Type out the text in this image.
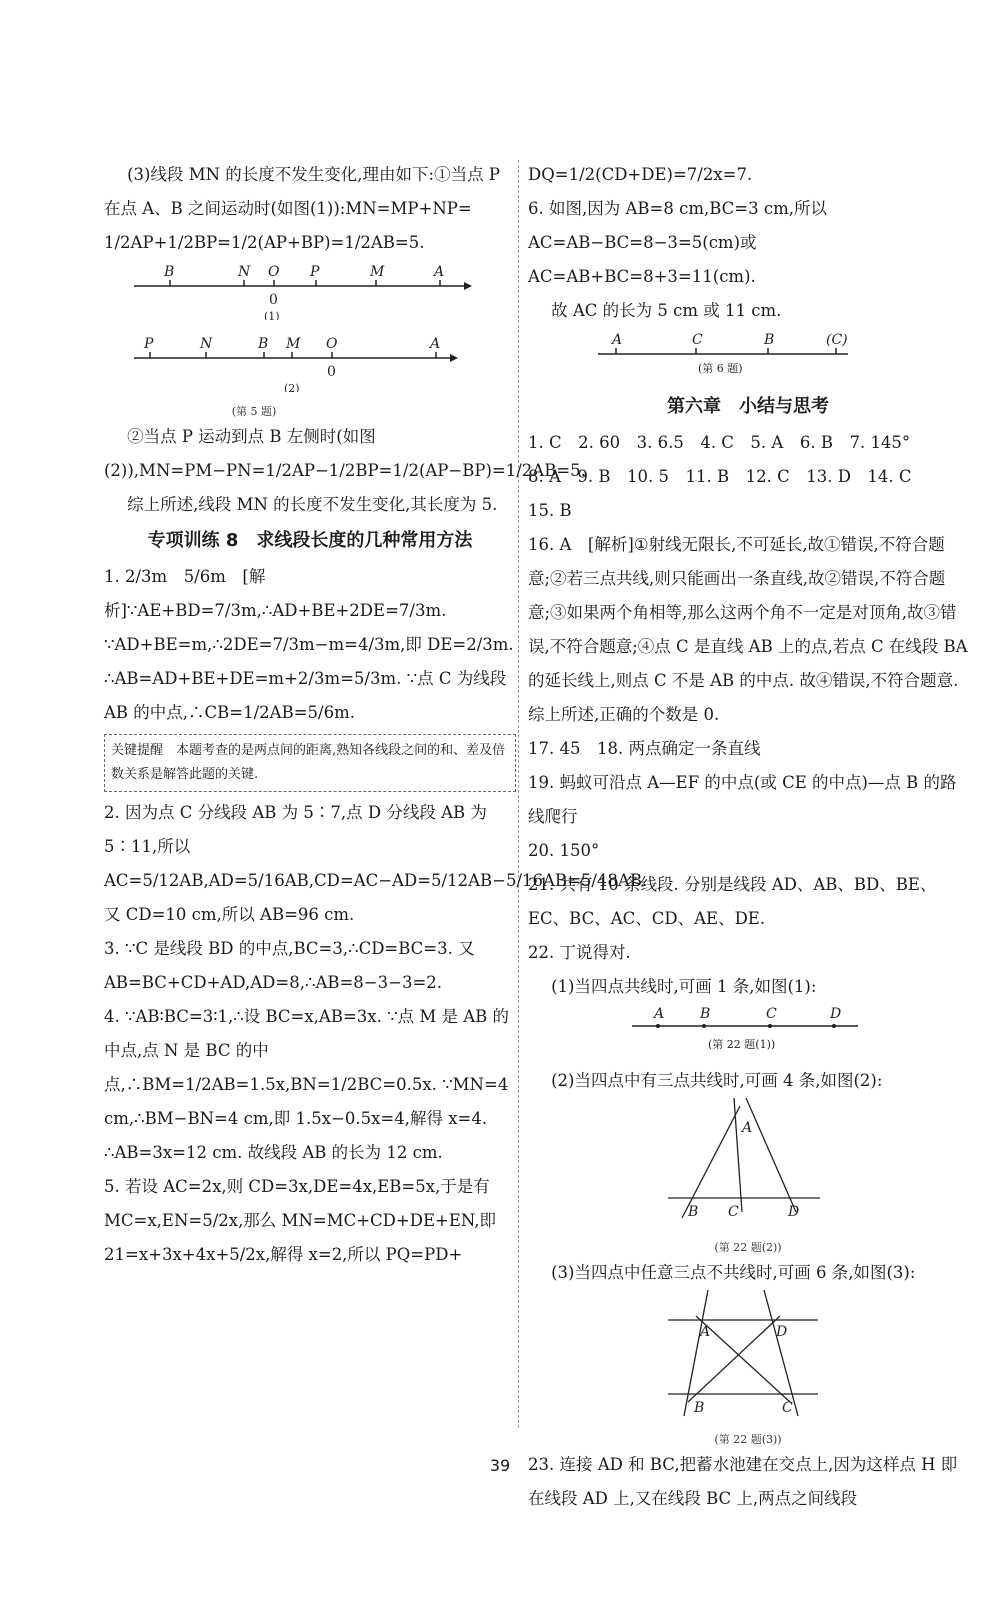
(3)线段 MN 的长度不发生变化,理由如下:①当点 P 在点 A、B 之间运动时(如图(1)):MN=MP+NP=

1/2AP+1/2BP=1/2(AP+BP)=1/2AB=5.

B	N O P	M	A
0
(1)

P	N	B M O	A
0
(2)

(第 5 题)

②当点 P 运动到点 B 左侧时(如图(2)),MN=PM−PN=1/2AP−1/2BP=1/2(AP−BP)=1/2AB=5.

综上所述,线段 MN 的长度不发生变化,其长度为 5.

专项训练 8　求线段长度的几种常用方法

1. 2/3m　5/6m　[解析]∵AE+BD=7/3m,∴AD+BE+2DE=7/3m. ∵AD+BE=m,∴2DE=7/3m−m=4/3m,即 DE=2/3m. ∴AB=AD+BE+DE=m+2/3m=5/3m. ∵点 C 为线段 AB 的中点,∴CB=1/2AB=5/6m.

关键提醒　本题考查的是两点间的距离,熟知各线段之间的和、差及倍数关系是解答此题的关键.

2. 因为点 C 分线段 AB 为 5∶7,点 D 分线段 AB 为 5∶11,所以 AC=5/12AB,AD=5/16AB,CD=AC−AD=5/12AB−5/16AB=5/48AB. 又 CD=10 cm,所以 AB=96 cm.

3. ∵C 是线段 BD 的中点,BC=3,∴CD=BC=3. 又 AB=BC+CD+AD,AD=8,∴AB=8−3−3=2.

4. ∵AB∶BC=3∶1,∴设 BC=x,AB=3x. ∵点 M 是 AB 的中点,点 N 是 BC 的中点,∴BM=1/2AB=1.5x,BN=1/2BC=0.5x. ∵MN=4 cm,∴BM−BN=4 cm,即 1.5x−0.5x=4,解得 x=4. ∴AB=3x=12 cm. 故线段 AB 的长为 12 cm.

5. 若设 AC=2x,则 CD=3x,DE=4x,EB=5x,于是有 MC=x,EN=5/2x,那么 MN=MC+CD+DE+EN,即 21=x+3x+4x+5/2x,解得 x=2,所以 PQ=PD+

DQ=1/2(CD+DE)=7/2x=7.

6. 如图,因为 AB=8 cm,BC=3 cm,所以 AC=AB−BC=8−3=5(cm)或 AC=AB+BC=8+3=11(cm).

故 AC 的长为 5 cm 或 11 cm.

A	C	B	(C)
(第 6 题)

第六章　小结与思考

1. C　2. 60　3. 6.5　4. C　5. A　6. B　7. 145°

8. A　9. B　10. 5　11. B　12. C　13. D　14. C

15. B

16. A　[解析]①射线无限长,不可延长,故①错误,不符合题意;②若三点共线,则只能画出一条直线,故②错误,不符合题意;③如果两个角相等,那么这两个角不一定是对顶角,故③错误,不符合题意;④点 C 是直线 AB 上的点,若点 C 在线段 BA 的延长线上,则点 C 不是 AB 的中点. 故④错误,不符合题意. 综上所述,正确的个数是 0.

17. 45　18. 两点确定一条直线

19. 蚂蚁可沿点 A—EF 的中点(或 CE 的中点)—点 B 的路线爬行

20. 150°

21. 共有 10 条线段. 分别是线段 AD、AB、BD、BE、EC、BC、AC、CD、AE、DE.

22. 丁说得对.

(1)当四点共线时,可画 1 条,如图(1):

A	B	C	D
(第 22 题(1))

(2)当四点中有三点共线时,可画 4 条,如图(2):

A
B C	D

(第 22 题(2))

(3)当四点中任意三点不共线时,可画 6 条,如图(3):

A	D
B	C

(第 22 题(3))

23. 连接 AD 和 BC,把蓄水池建在交点上,因为这样点 H 即在线段 AD 上,又在线段 BC 上,两点之间线段

39
